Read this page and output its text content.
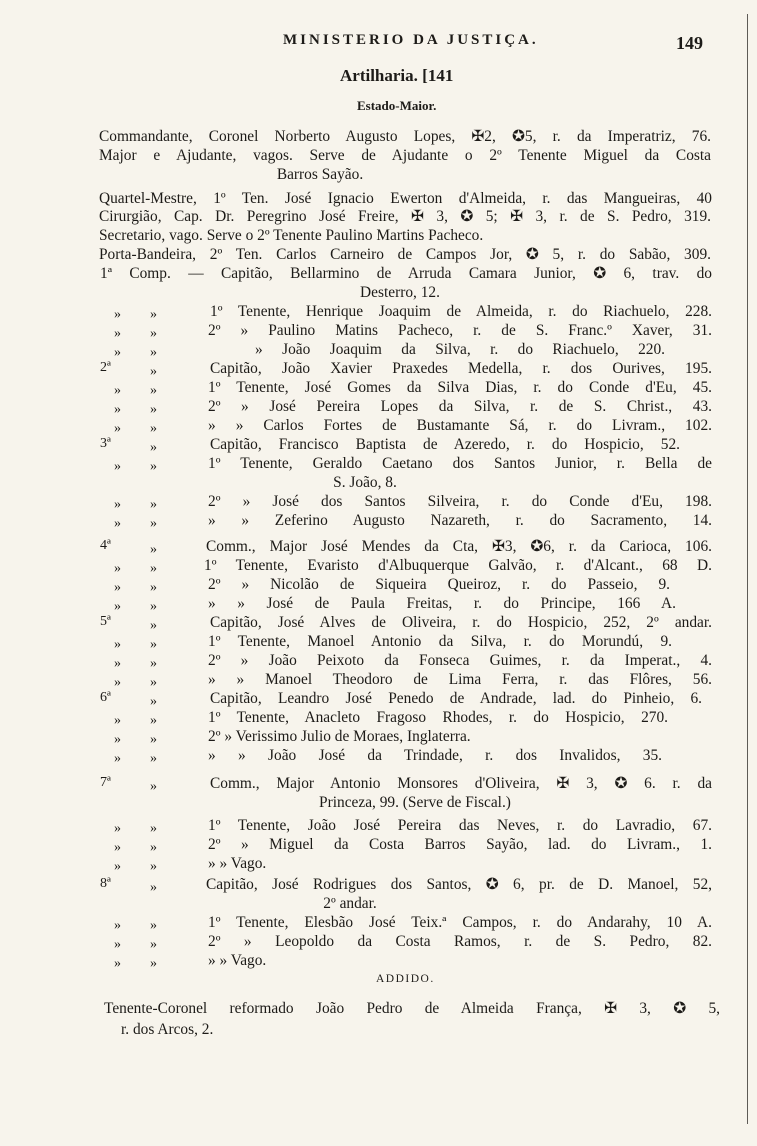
MINISTERIO DA JUSTIÇA.	149
Artilharia. [141
Estado-Maior.
Commandante, Coronel Norberto Augusto Lopes, ✠2, ✪5, r. da Imperatriz, 76.
Major e Ajudante, vagos. Serve de Ajudante o 2º Tenente Miguel da Costa
Barros Sayão.
Quartel-Mestre, 1º Ten. José Ignacio Ewerton d'Almeida, r. das Mangueiras, 40
Cirurgião, Cap. Dr. Peregrino José Freire, ✠ 3, ✪ 5; ✠ 3, r. de S. Pedro, 319.
Secretario, vago. Serve o 2º Tenente Paulino Martins Pacheco.
Porta-Bandeira, 2º Ten. Carlos Carneiro de Campos Jor, ✪ 5, r. do Sabão, 309.
1ª Comp. — Capitão, Bellarmino de Arruda Camara Junior, ✪ 6, trav. do
Desterro, 12.
» »	1º Tenente, Henrique Joaquim de Almeida, r. do Riachuelo, 228.
» »	2º » Paulino Matins Pacheco, r. de S. Franc.º Xaver, 31.
» »	» João Joaquim da Silva, r. do Riachuelo, 220.
2ª	»	Capitão, João Xavier Praxedes Medella, r. dos Ourives, 195.
» »	1º Tenente, José Gomes da Silva Dias, r. do Conde d'Eu, 45.
» »	2º » José Pereira Lopes da Silva, r. de S. Christ., 43.
» »	» » Carlos Fortes de Bustamante Sá, r. do Livram., 102.
3ª	»	Capitão, Francisco Baptista de Azeredo, r. do Hospicio, 52.
» »	1º Tenente, Geraldo Caetano dos Santos Junior, r. Bella de
S. João, 8.
» »	2º » José dos Santos Silveira, r. do Conde d'Eu, 198.
» »	» » Zeferino Augusto Nazareth, r. do Sacramento, 14.
4ª	»	Comm., Major José Mendes da Cta, ✠3, ✪6, r. da Carioca, 106.
» »	1º Tenente, Evaristo d'Albuquerque Galvão, r. d'Alcant., 68 D.
» »	2º » Nicolão de Siqueira Queiroz, r. do Passeio, 9.
» »	» » José de Paula Freitas, r. do Principe, 166 A.
5ª	»	Capitão, José Alves de Oliveira, r. do Hospicio, 252, 2º andar.
» »	1º Tenente, Manoel Antonio da Silva, r. do Morundú, 9.
» »	2º » João Peixoto da Fonseca Guimes, r. da Imperat., 4.
» »	» » Manoel Theodoro de Lima Ferra, r. das Flôres, 56.
6ª	»	Capitão, Leandro José Penedo de Andrade, lad. do Pinheio, 6.
» »	1º Tenente, Anacleto Fragoso Rhodes, r. do Hospicio, 270.
» »	2º » Verissimo Julio de Moraes, Inglaterra.
» »	» » João José da Trindade, r. dos Invalidos, 35.
7ª	»	Comm., Major Antonio Monsores d'Oliveira, ✠ 3, ✪ 6. r. da
Princeza, 99. (Serve de Fiscal.)
» »	1º Tenente, João José Pereira das Neves, r. do Lavradio, 67.
» »	2º » Miguel da Costa Barros Sayão, lad. do Livram., 1.
» »	» » Vago.
8ª	»	Capitão, José Rodrigues dos Santos, ✪ 6, pr. de D. Manoel, 52,
2º andar.
» »	1º Tenente, Elesbão José Teix.ª Campos, r. do Andarahy, 10 A.
» »	2º » Leopoldo da Costa Ramos, r. de S. Pedro, 82.
» »	» » Vago.
ADDIDO.
Tenente-Coronel reformado João Pedro de Almeida França, ✠ 3, ✪ 5,
r. dos Arcos, 2.
